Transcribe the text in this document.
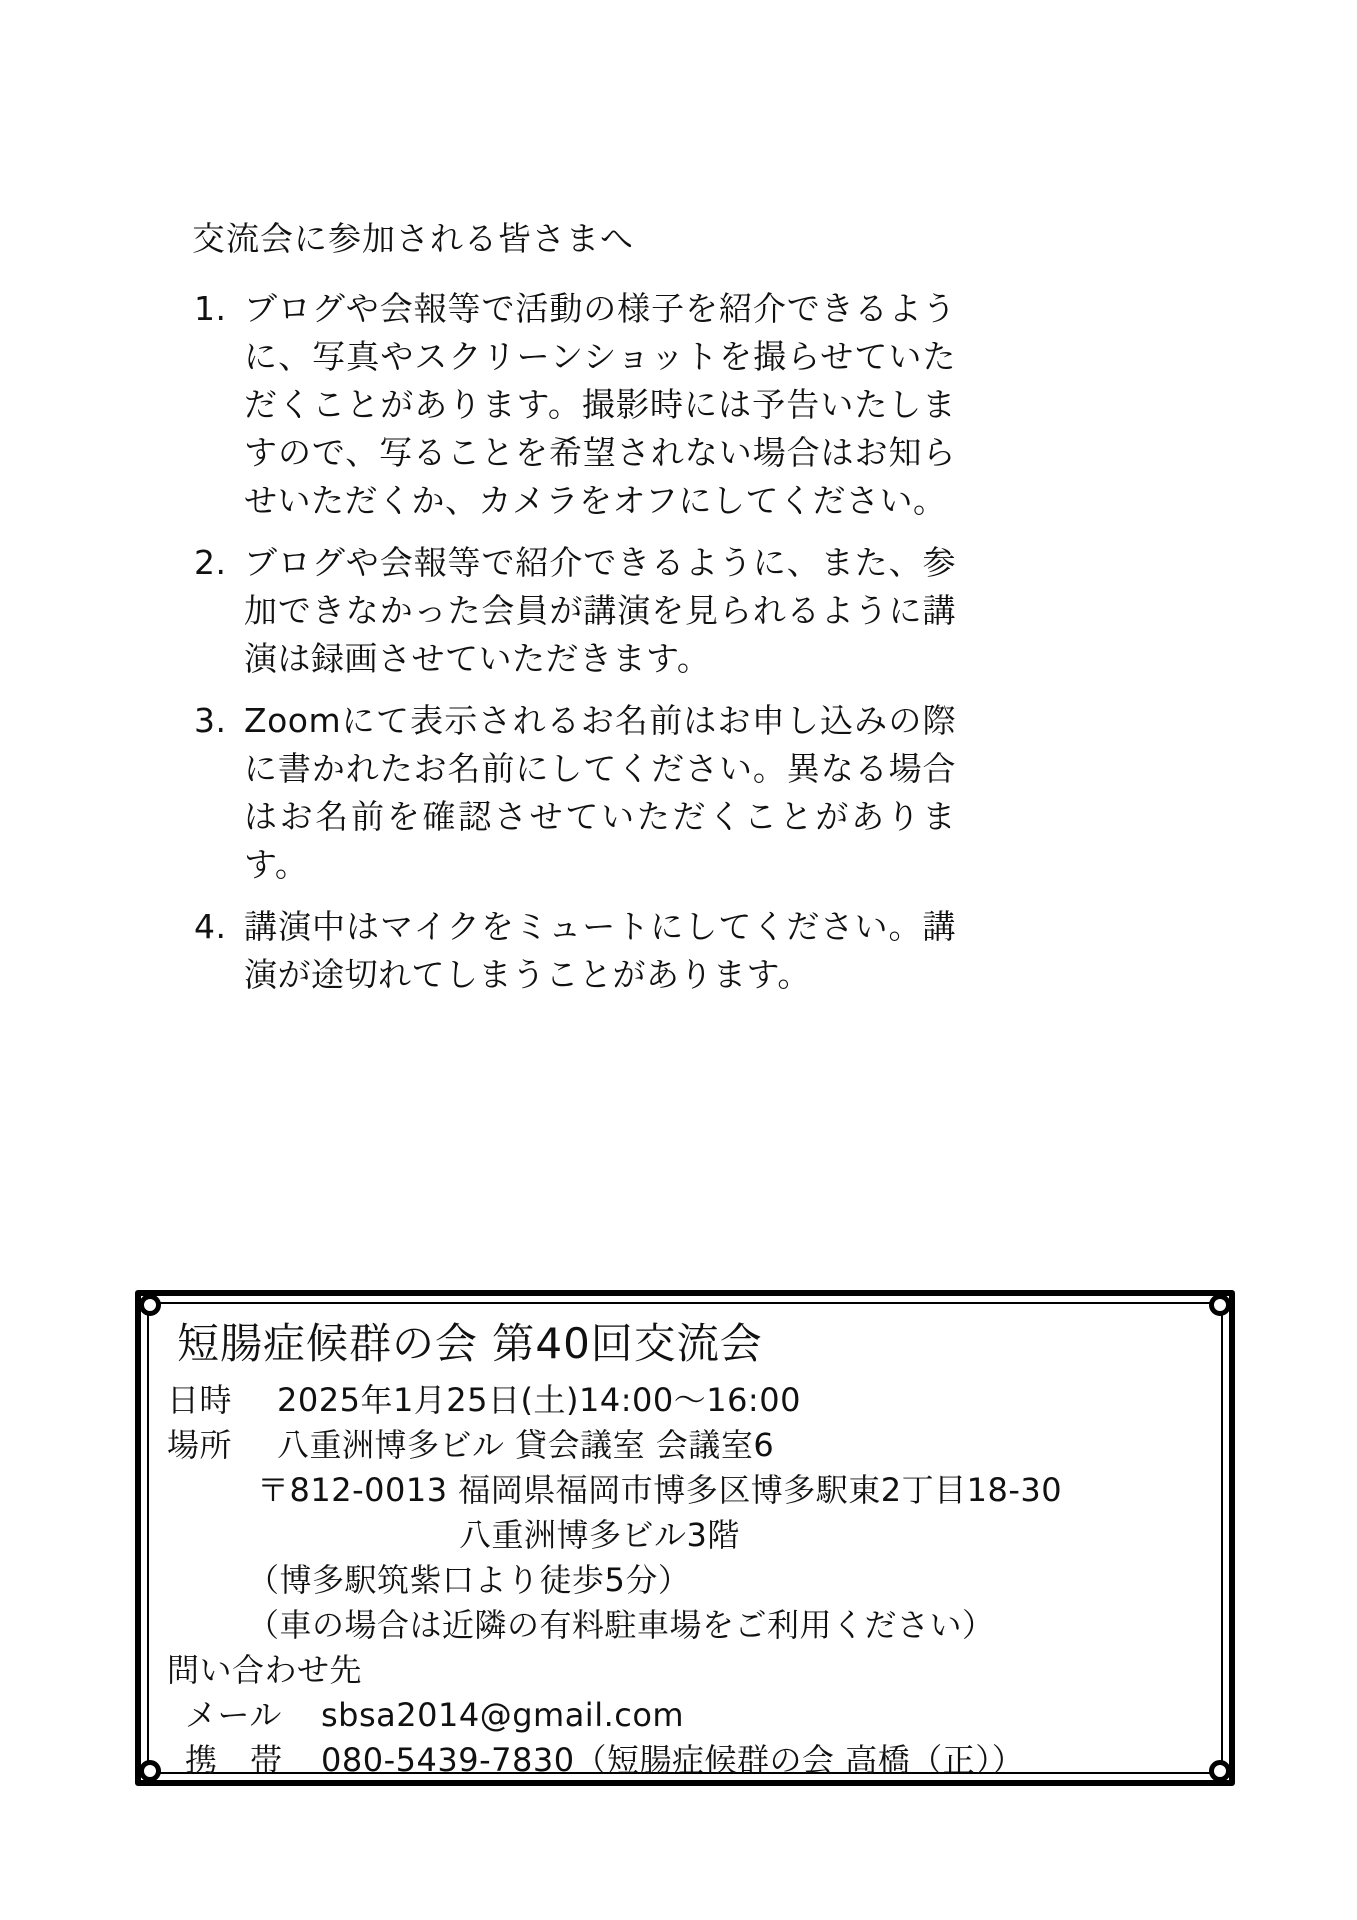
交流会に参加される皆さまへ
1. ブログや会報等で活動の様子を紹介できるように、写真やスクリーンショットを撮らせていただくことがあります。撮影時には予告いたしますので、写ることを希望されない場合はお知らせいただくか、カメラをオフにしてください。
2. ブログや会報等で紹介できるように、また、参加できなかった会員が講演を見られるように講演は録画させていただきます。
3. Zoomにて表示されるお名前はお申し込みの際に書かれたお名前にしてください。異なる場合はお名前を確認させていただくことがあります。
4. 講演中はマイクをミュートにしてください。講演が途切れてしまうことがあります。
短腸症候群の会 第40回交流会
日時	2025年1月25日(土)14:00～16:00
場所	八重洲博多ビル 貸会議室 会議室6
〒812-0013 福岡県福岡市博多区博多駅東2丁目18-30
八重洲博多ビル3階
（博多駅筑紫口より徒歩5分）
（車の場合は近隣の有料駐車場をご利用ください）
問い合わせ先
メール	sbsa2014@gmail.com
携　帯	080-5439-7830（短腸症候群の会 高橋（正））
